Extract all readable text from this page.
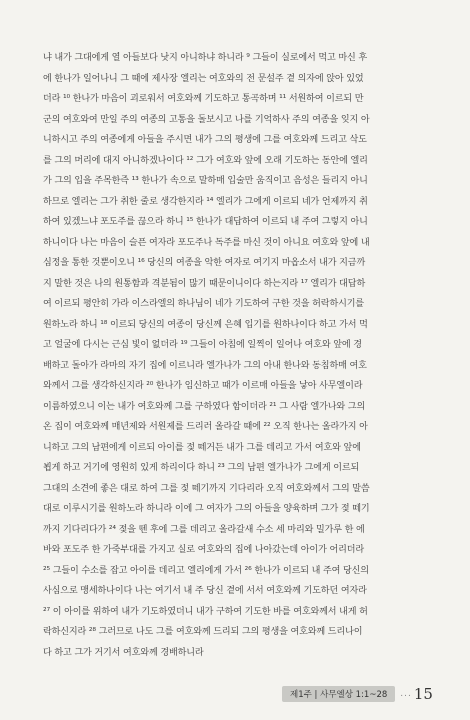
냐 내가 그대에게 열 아들보다 낫지 아니하냐 하니라 ⁹ 그들이 실로에서 먹고 마신 후
에 한나가 일어나니 그 때에 제사장 엘리는 여호와의 전 문설주 곁 의자에 앉아 있었
더라 ¹⁰ 한나가 마음이 괴로워서 여호와께 기도하고 통곡하며 ¹¹ 서원하여 이르되 만
군의 여호와여 만일 주의 여종의 고통을 돌보시고 나를 기억하사 주의 여종을 잊지 아
니하시고 주의 여종에게 아들을 주시면 내가 그의 평생에 그를 여호와께 드리고 삭도
를 그의 머리에 대지 아니하겠나이다 ¹² 그가 여호와 앞에 오래 기도하는 동안에 엘리
가 그의 입을 주목한즉 ¹³ 한나가 속으로 말하매 입술만 움직이고 음성은 들리지 아니
하므로 엘리는 그가 취한 줄로 생각한지라 ¹⁴ 엘리가 그에게 이르되 네가 언제까지 취
하여 있겠느냐 포도주를 끊으라 하니 ¹⁵ 한나가 대답하여 이르되 내 주여 그렇지 아니
하니이다 나는 마음이 슬픈 여자라 포도주나 독주를 마신 것이 아니요 여호와 앞에 내
심정을 통한 것뿐이오니 ¹⁶ 당신의 여종을 악한 여자로 여기지 마옵소서 내가 지금까
지 말한 것은 나의 원통함과 격분됨이 많기 때문이니이다 하는지라 ¹⁷ 엘리가 대답하
여 이르되 평안히 가라 이스라엘의 하나님이 네가 기도하여 구한 것을 허락하시기를
원하노라 하니 ¹⁸ 이르되 당신의 여종이 당신께 은혜 입기를 원하나이다 하고 가서 먹
고 얼굴에 다시는 근심 빛이 없더라 ¹⁹ 그들이 아침에 일찍이 일어나 여호와 앞에 경
배하고 돌아가 라마의 자기 집에 이르니라 엘가나가 그의 아내 한나와 동침하매 여호
와께서 그를 생각하신지라 ²⁰ 한나가 임신하고 때가 이르매 아들을 낳아 사무엘이라
이름하였으니 이는 내가 여호와께 그를 구하였다 함이더라 ²¹ 그 사람 엘가나와 그의
온 집이 여호와께 매년제와 서원제를 드리러 올라갈 때에 ²² 오직 한나는 올라가지 아
니하고 그의 남편에게 이르되 아이를 젖 떼거든 내가 그를 데리고 가서 여호와 앞에
뵙게 하고 거기에 영원히 있게 하리이다 하니 ²³ 그의 남편 엘가나가 그에게 이르되
그대의 소견에 좋은 대로 하여 그를 젖 떼기까지 기다리라 오직 여호와께서 그의 말씀
대로 이루시기를 원하노라 하니라 이에 그 여자가 그의 아들을 양육하며 그가 젖 떼기
까지 기다리다가 ²⁴ 젖을 뗀 후에 그를 데리고 올라갈새 수소 세 마리와 밀가루 한 에
바와 포도주 한 가죽부대를 가지고 실로 여호와의 집에 나아갔는데 아이가 어리더라
²⁵ 그들이 수소를 잡고 아이를 데리고 엘리에게 가서 ²⁶ 한나가 이르되 내 주여 당신의
사심으로 맹세하나이다 나는 여기서 내 주 당신 곁에 서서 여호와께 기도하던 여자라
²⁷ 이 아이를 위하여 내가 기도하였더니 내가 구하여 기도한 바를 여호와께서 내게 허
락하신지라 ²⁸ 그러므로 나도 그를 여호와께 드리되 그의 평생을 여호와께 드리나이
다 하고 그가 거기서 여호와께 경배하니라
제1주 | 사무엘상 1:1~28	... 15
